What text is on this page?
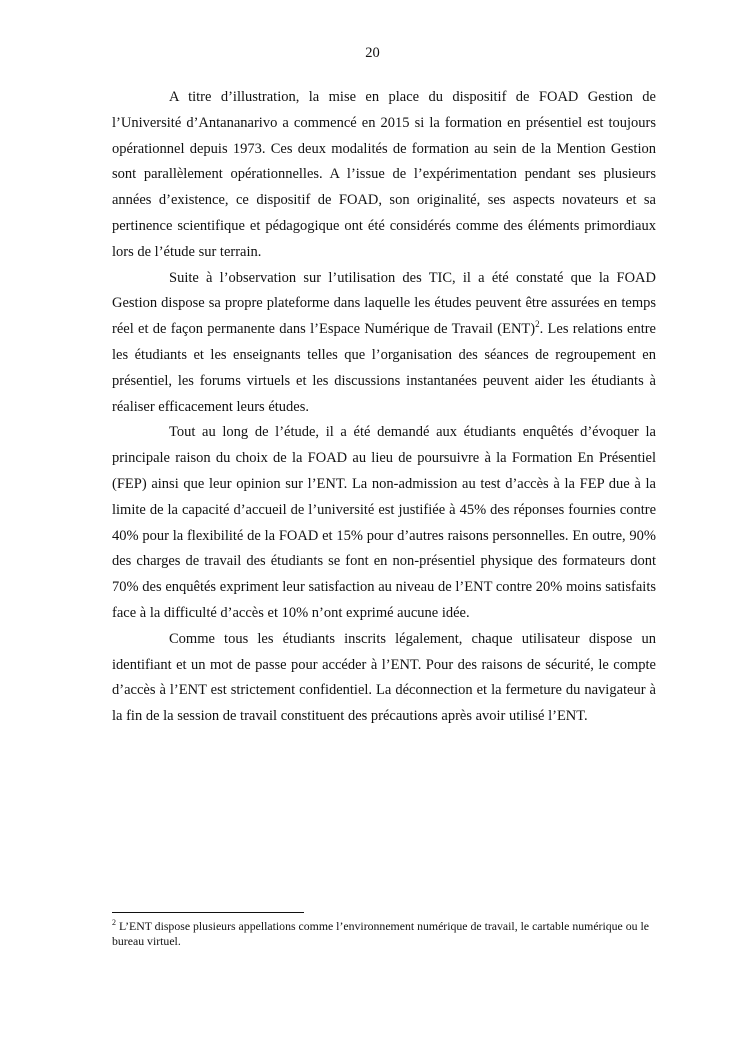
20

A titre d’illustration, la mise en place du dispositif de FOAD Gestion de l’Université d’Antananarivo a commencé en 2015 si la formation en présentiel est toujours opérationnel depuis 1973. Ces deux modalités de formation au sein de la Mention Gestion sont parallèlement opérationnelles. A l’issue de l’expérimentation pendant ses plusieurs années d’existence, ce dispositif de FOAD, son originalité, ses aspects novateurs et sa pertinence scientifique et pédagogique ont été considérés comme des éléments primordiaux lors de l’étude sur terrain.

Suite à l’observation sur l’utilisation des TIC, il a été constaté que la FOAD Gestion dispose sa propre plateforme dans laquelle les études peuvent être assurées en temps réel et de façon permanente dans l’Espace Numérique de Travail (ENT)$^2$. Les relations entre les étudiants et les enseignants telles que l’organisation des séances de regroupement en présentiel, les forums virtuels et les discussions instantanées peuvent aider les étudiants à réaliser efficacement leurs études.

Tout au long de l’étude, il a été demandé aux étudiants enquêtés d’évoquer la principale raison du choix de la FOAD au lieu de poursuivre à la Formation En Présentiel (FEP) ainsi que leur opinion sur l’ENT. La non-admission au test d’accès à la FEP due à la limite de la capacité d’accueil de l’université est justifiée à 45% des réponses fournies contre 40% pour la flexibilité de la FOAD et 15% pour d’autres raisons personnelles. En outre, 90% des charges de travail des étudiants se font en non-présentiel physique des formateurs dont 70% des enquêtés expriment leur satisfaction au niveau de l’ENT contre 20% moins satisfaits face à la difficulté d’accès et 10% n’ont exprimé aucune idée.

Comme tous les étudiants inscrits légalement, chaque utilisateur dispose un identifiant et un mot de passe pour accéder à l’ENT. Pour des raisons de sécurité, le compte d’accès à l’ENT est strictement confidentiel. La déconnection et la fermeture du navigateur à la fin de la session de travail constituent des précautions après avoir utilisé l’ENT.

$^2$ L’ENT dispose plusieurs appellations comme l’environnement numérique de travail, le cartable numérique ou le bureau virtuel.
